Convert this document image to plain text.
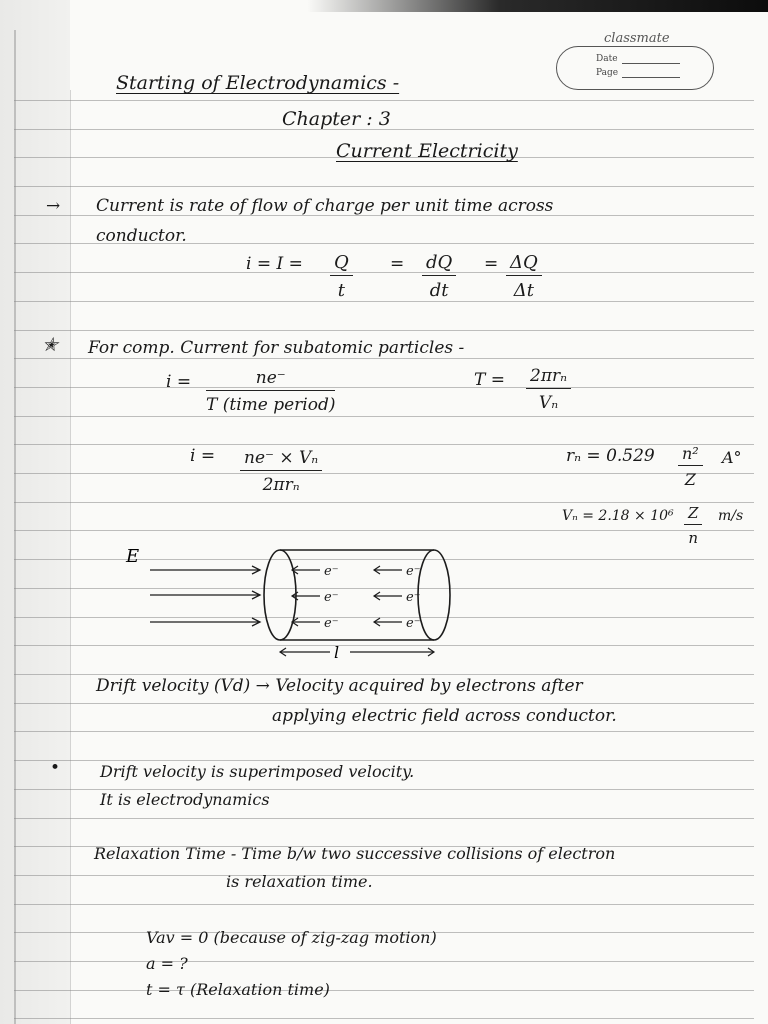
classmate
Date
Page
Starting of Electrodynamics -
Chapter : 3
Current Electricity
→ Current is rate of flow of charge per unit time across
conductor.
$i = I = \frac{Q}{t} = \frac{dQ}{dt} = \frac{\Delta Q}{\Delta t}$
✭ For comp. Current for subatomic particles -
i =	ne⁻
T (time period)
T = 2πrₙ
Vₙ
i = ne⁻ × Vₙ
2πrₙ
$r_n = 0.529 \frac{\text{n²}}{Z} A^\circ$
$V_n = 2.18 \times 10^6 \frac{Z}{n} m/s$
E
e⁻	e⁻
e⁻	e⁻
e⁻	e⁻
l
Drift velocity (Vd) → Velocity acquired by electrons after
applying electric field across conductor.
• Drift velocity is superimposed velocity.
It is electrodynamics
Relaxation Time - Time b/w two successive collisions of electron
is relaxation time.
Vav = 0 (because of zig-zag motion)
a = ?
t = τ (Relaxation time)
